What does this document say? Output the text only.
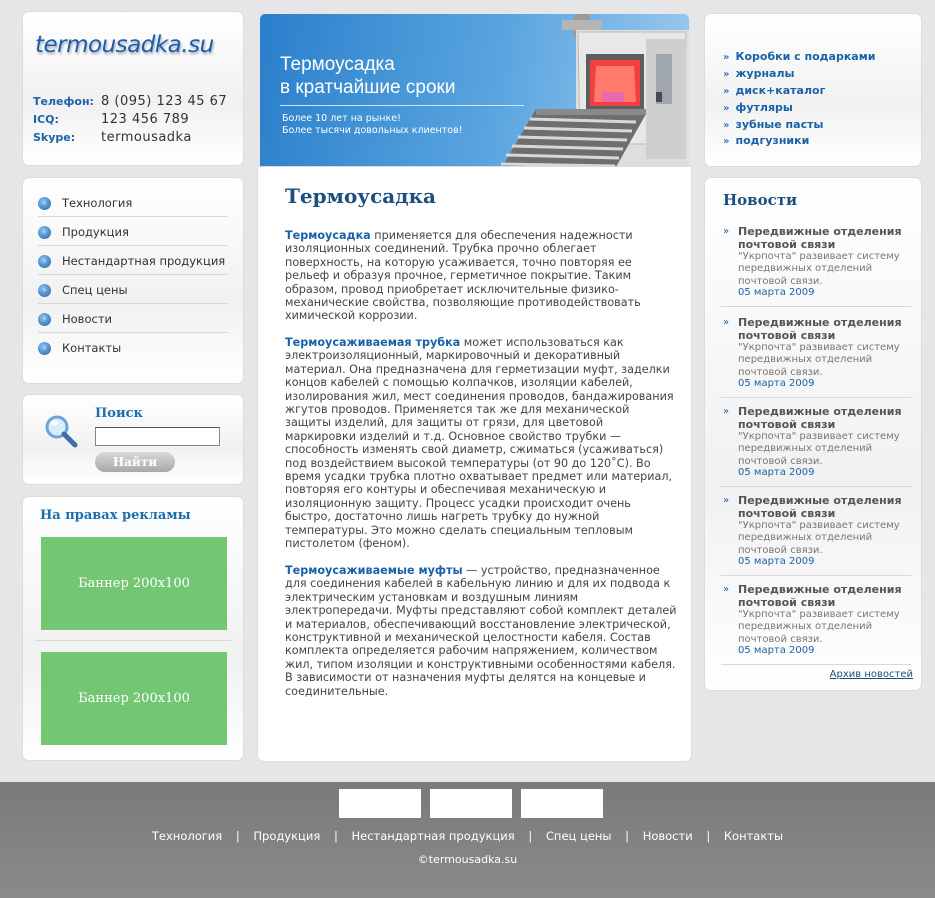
termousadka.su
Телефон: 8 (095) 123 45 67
ICQ:	123 456 789
Skype: termousadka
Термоусадка
в кратчайшие сроки
Более 10 лет на рынке!
Более тысячи довольных клиентов!
» Коробки с подарками
» журналы
» диск+каталог
» футляры
» зубные пасты
» подгузники
›	Технология
›	Продукция
›	Нестандартная продукция
›	Спец цены
›	Новости
›	Контакты
Поиск
Найти
На правах рекламы
Баннер 200x100
Баннер 200x100
Термоусадка
Термоусадка применяется для обеспечения надежности изоляционных соединений. Трубка прочно облегает поверхность, на которую усаживается, точно повторяя ее рельеф и образуя прочное, герметичное покрытие. Таким образом, провод приобретает исключительные физико-механические свойства, позволяющие противодействовать химической коррозии.
Термоусаживаемая трубка может использоваться как электроизоляционный, маркировочный и декоративный материал. Она предназначена для герметизации муфт, заделки концов кабелей с помощью колпачков, изоляции кабелей, изолирования жил, мест соединения проводов, бандажирования жгутов проводов. Применяется так же для механической защиты изделий, для защиты от грязи, для цветовой маркировки изделий и т.д. Основное свойство трубки — способность изменять свой диаметр, сжиматься (усаживаться) под воздействием высокой температуры (от 90 до 120˚С). Во время усадки трубка плотно охватывает предмет или материал, повторяя его контуры и обеспечивая механическую и изоляционную защиту. Процесс усадки происходит очень быстро, достаточно лишь нагреть трубку до нужной температуры. Это можно сделать специальным тепловым пистолетом (феном).
Термоусаживаемые муфты — устройство, предназначенное для соединения кабелей в кабельную линию и для их подвода к электрическим установкам и воздушным линиям электропередачи. Муфты представляют собой комплект деталей и материалов, обеспечивающий восстановление электрической, конструктивной и механической целостности кабеля. Состав комплекта определяется рабочим напряжением, количеством жил, типом изоляции и конструктивными особенностями кабеля. В зависимости от назначения муфты делятся на концевые и соединительные.
Новости
» Передвижные отделения почтовой связи
"Укрпочта" развивает систему передвижных отделений почтовой связи.
05 марта 2009
» Передвижные отделения почтовой связи
"Укрпочта" развивает систему передвижных отделений почтовой связи.
05 марта 2009
» Передвижные отделения почтовой связи
"Укрпочта" развивает систему передвижных отделений почтовой связи.
05 марта 2009
» Передвижные отделения почтовой связи
"Укрпочта" развивает систему передвижных отделений почтовой связи.
05 марта 2009
» Передвижные отделения почтовой связи
"Укрпочта" развивает систему передвижных отделений почтовой связи.
05 марта 2009
Архив новостей
Технология | Продукция | Нестандартная продукция | Спец цены | Новости | Контакты
©termousadka.su
